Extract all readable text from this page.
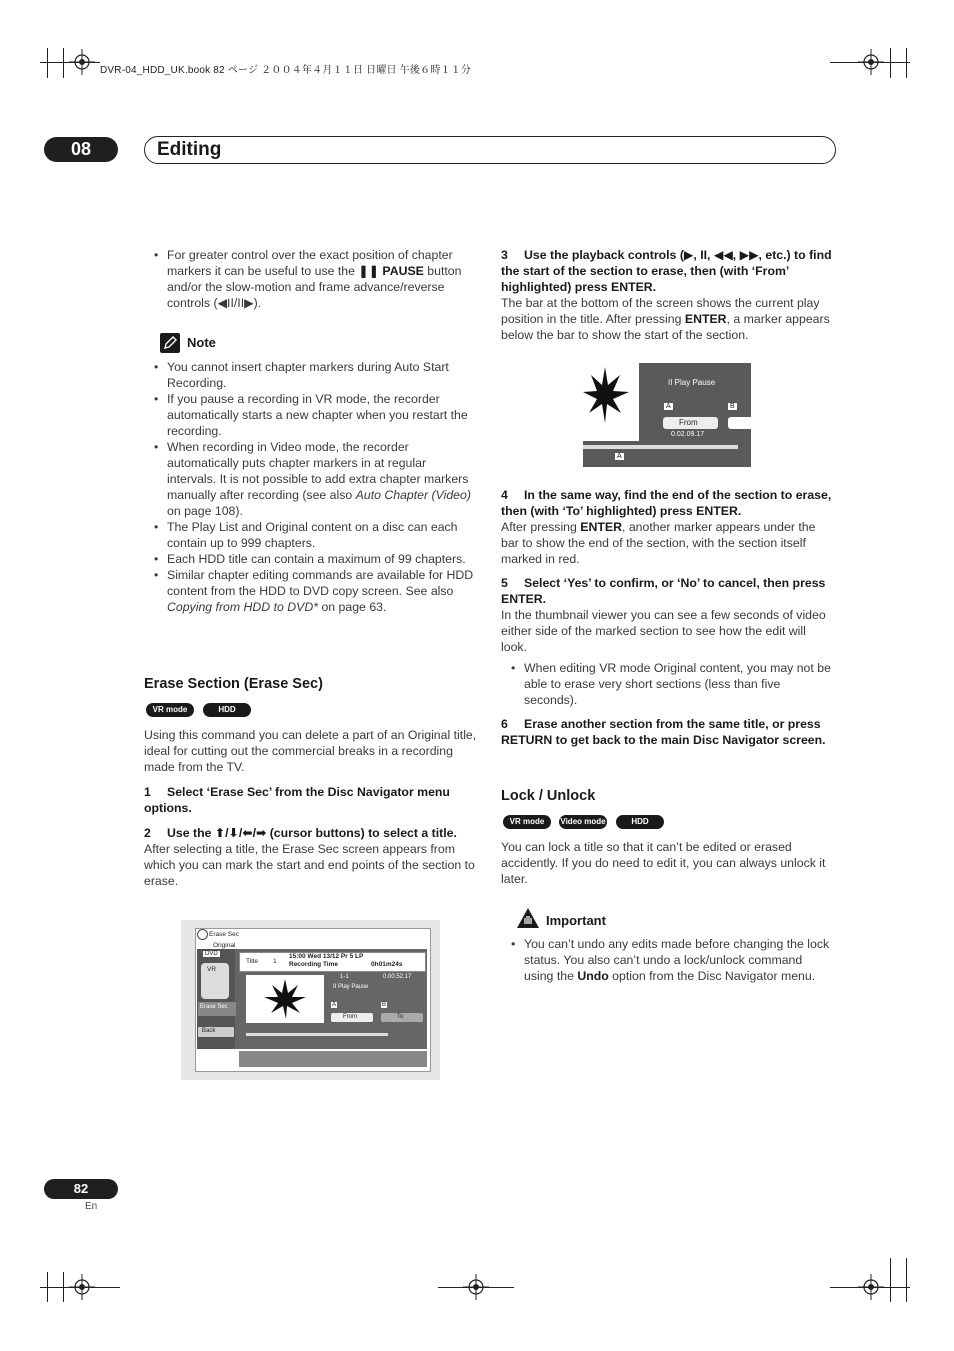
DVR-04_HDD_UK.book 82 ページ ２００４年４月１１日 日曜日 午後６時１１分
08	Editing

• For greater control over the exact position of chapter markers it can be useful to use the ❚❚ PAUSE button and/or the slow-motion and frame advance/reverse controls (◀II/II▶).

Note

• You cannot insert chapter markers during Auto Start Recording.

• If you pause a recording in VR mode, the recorder automatically starts a new chapter when you restart the recording.

• When recording in Video mode, the recorder automatically puts chapter markers in at regular intervals. It is not possible to add extra chapter markers manually after recording (see also Auto Chapter (Video) on page 108).

• The Play List and Original content on a disc can each contain up to 999 chapters.

• Each HDD title can contain a maximum of 99 chapters.

• Similar chapter editing commands are available for HDD content from the HDD to DVD copy screen. See also Copying from HDD to DVD* on page 63.

Erase Section (Erase Sec)
VR mode	HDD

Using this command you can delete a part of an Original title, ideal for cutting out the commercial breaks in a recording made from the TV.

1 Select ‘Erase Sec’ from the Disc Navigator menu options.

2 Use the ⬆/⬇/⬅/➡ (cursor buttons) to select a title.

After selecting a title, the Erase Sec screen appears from which you can mark the start and end points of the section to erase.

Erase Sec
Original
DVD
VR
Erase Sec
Back
Title 1
15:00 Wed 13/12 Pr 5 LP
Recording Time	0h01m24s
1-1	0.00.52.17
II Play Pause
A	B
From	To

3 Use the playback controls (▶, II, ◀◀, ▶▶, etc.) to find the start of the section to erase, then (with ‘From’ highlighted) press ENTER.

The bar at the bottom of the screen shows the current play position in the title. After pressing ENTER, a marker appears below the bar to show the start of the section.

II Play Pause
A	B
From
0.02.09.17
▼
A

4 In the same way, find the end of the section to erase, then (with ‘To’ highlighted) press ENTER.

After pressing ENTER, another marker appears under the bar to show the end of the section, with the section itself marked in red.

5 Select ‘Yes’ to confirm, or ‘No’ to cancel, then press ENTER.

In the thumbnail viewer you can see a few seconds of video either side of the marked section to see how the edit will look.

• When editing VR mode Original content, you may not be able to erase very short sections (less than five seconds).

6 Erase another section from the same title, or press RETURN to get back to the main Disc Navigator screen.

Lock / Unlock
VR mode	Video mode	HDD
You can lock a title so that it can’t be edited or erased accidently. If you do need to edit it, you can always unlock it later.
Important

• You can’t undo any edits made before changing the lock status. You also can’t undo a lock/unlock command using the Undo option from the Disc Navigator menu.

82
En
